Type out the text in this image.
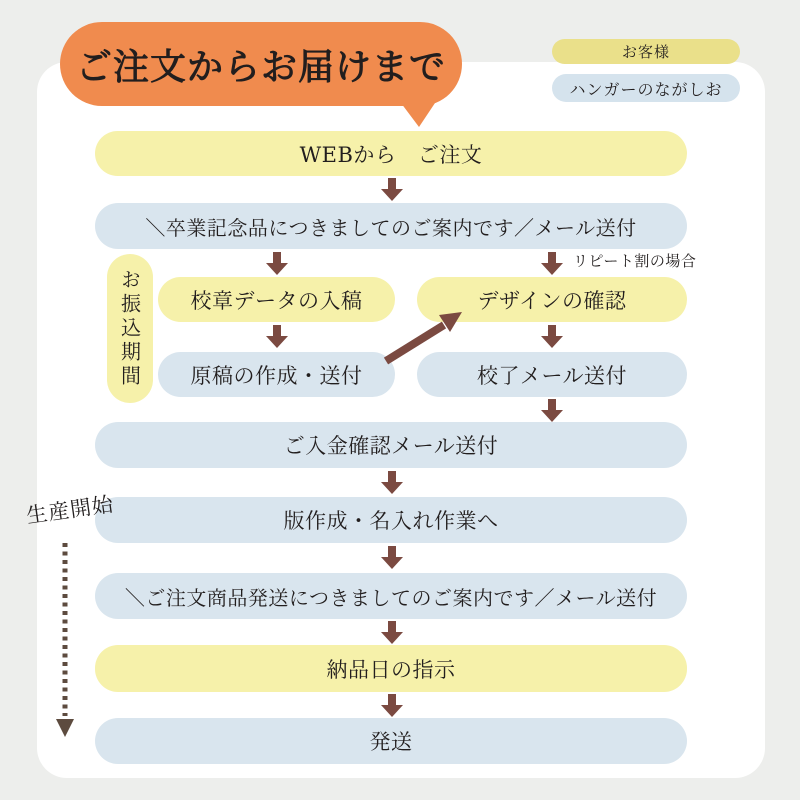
ご注文からお届けまで	お客様
ハンガーのながしお
WEBから　ご注文
＼卒業記念品につきましてのご案内です／メール送付
リピート割の場合
お振込期間 校章データの入稿	デザインの確認
原稿の作成・送付	校了メール送付
ご入金確認メール送付
版作成・名入れ作業へ
生産開始
＼ご注文商品発送につきましてのご案内です／メール送付
納品日の指示
発送
